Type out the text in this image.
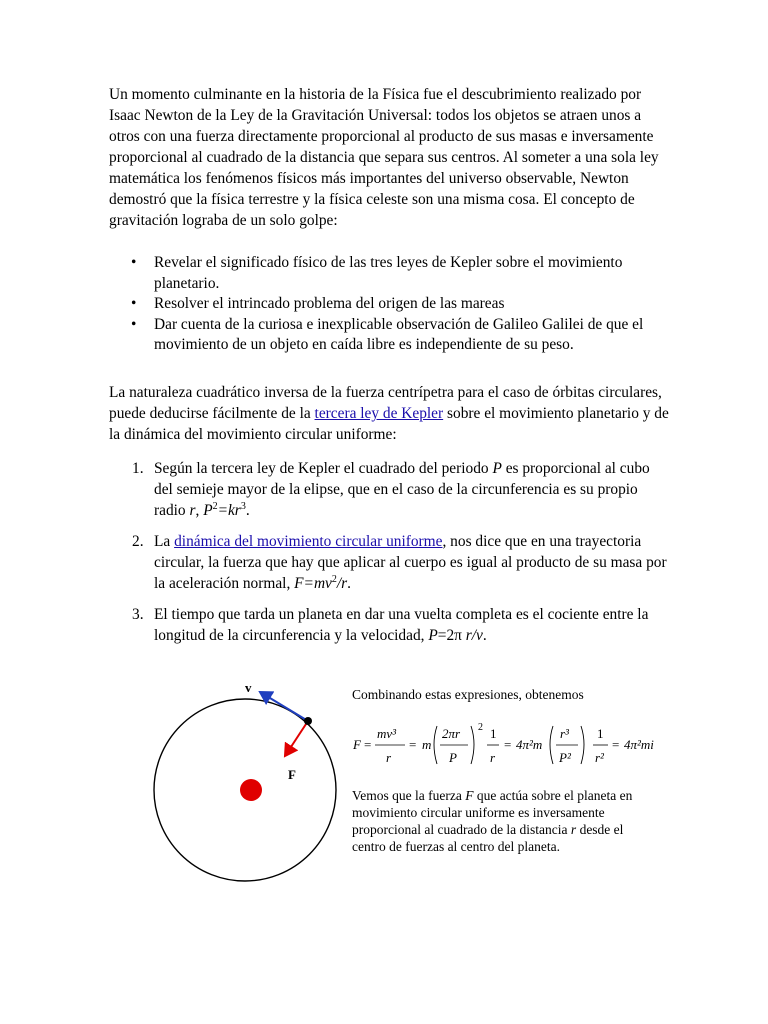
Un momento culminante en la historia de la Física fue el descubrimiento realizado por Isaac Newton de la Ley de la Gravitación Universal: todos los objetos se atraen unos a otros con una fuerza directamente proporcional al producto de sus masas e inversamente proporcional al cuadrado de la distancia que separa sus centros. Al someter a una sola ley matemática los fenómenos físicos más importantes del universo observable, Newton demostró que la física terrestre y la física celeste son una misma cosa. El concepto de gravitación lograba de un solo golpe:

• Revelar el significado físico de las tres leyes de Kepler sobre el movimiento planetario.
• Resolver el intrincado problema del origen de las mareas
• Dar cuenta de la curiosa e inexplicable observación de Galileo Galilei de que el movimiento de un objeto en caída libre es independiente de su peso.

La naturaleza cuadrático inversa de la fuerza centrípetra para el caso de órbitas circulares, puede deducirse fácilmente de la tercera ley de Kepler sobre el movimiento planetario y de la dinámica del movimiento circular uniforme:

1. Según la tercera ley de Kepler el cuadrado del periodo P es proporcional al cubo del semieje mayor de la elipse, que en el caso de la circunferencia es su propio radio r, $P^2=kr^3$.

2. La dinámica del movimiento circular uniforme, nos dice que en una trayectoria circular, la fuerza que hay que aplicar al cuerpo es igual al producto de su masa por la aceleración normal, $F=mv^2/r$.

3. El tiempo que tarda un planeta en dar una vuelta completa es el cociente entre la longitud de la circunferencia y la velocidad, P=2π r/v.

v
F

Combinando estas expresiones, obtenemos

F =
mv³
r
= m
2πr
P
2 1
r
= 4π²m
r³
P²
1
r²
= 4π²mi

Vemos que la fuerza F que actúa sobre el planeta en movimiento circular uniforme es inversamente proporcional al cuadrado de la distancia r desde el centro de fuerzas al centro del planeta.
